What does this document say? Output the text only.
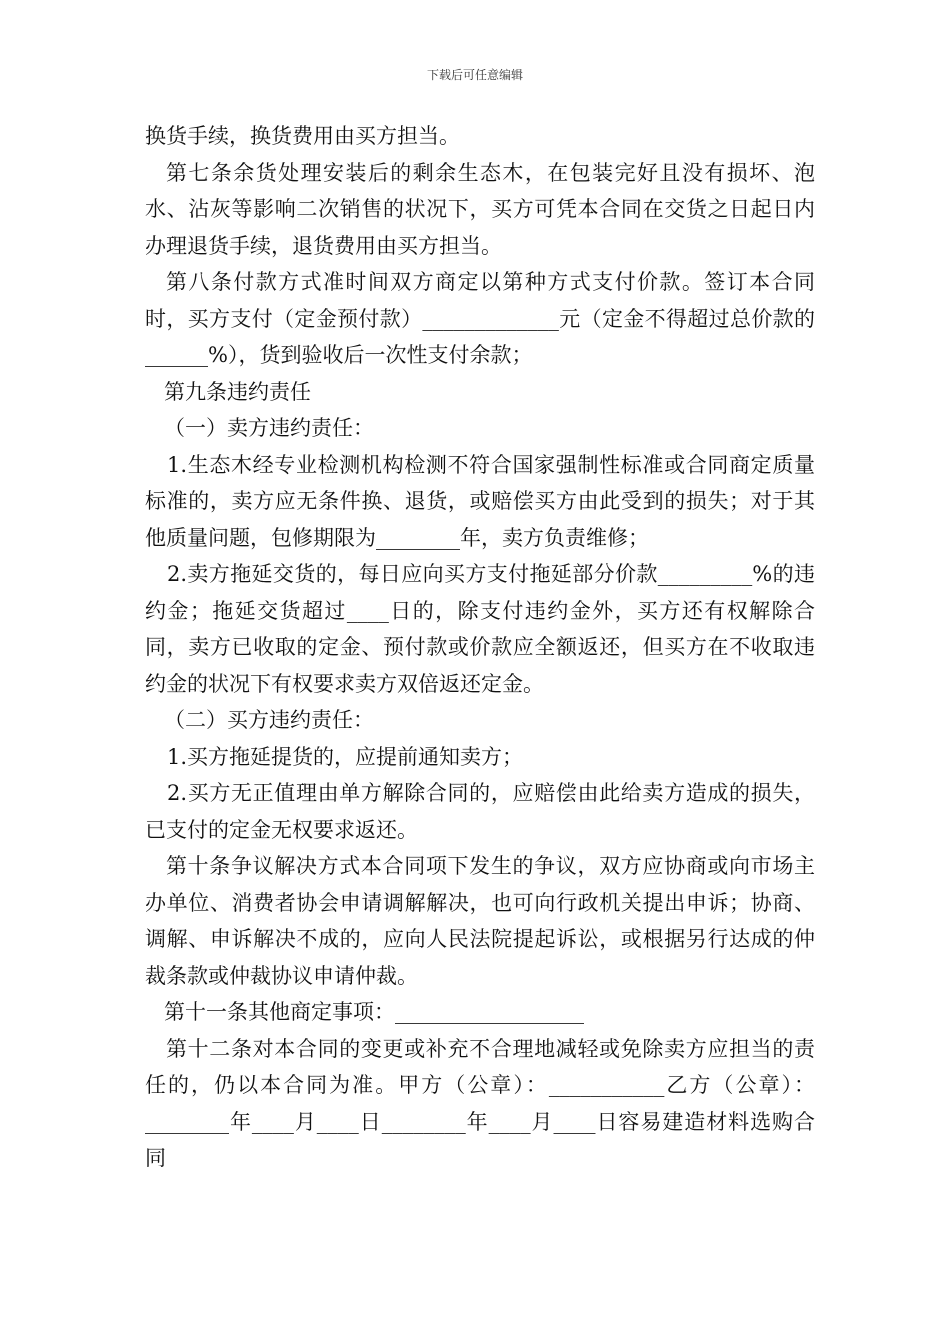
下载后可任意编辑

换货手续，换货费用由买方担当。

第七条余货处理安装后的剩余生态木，在包装完好且没有损坏、泡水、沾灰等影响二次销售的状况下，买方可凭本合同在交货之日起日内办理退货手续，退货费用由买方担当。

第八条付款方式准时间双方商定以第种方式支付价款。签订本合同时，买方支付（定金预付款）_____________元（定金不得超过总价款的______%），货到验收后一次性支付余款；

第九条违约责任

（一）卖方违约责任：

1.生态木经专业检测机构检测不符合国家强制性标准或合同商定质量标准的，卖方应无条件换、退货，或赔偿买方由此受到的损失；对于其他质量问题，包修期限为________年，卖方负责维修；

2.卖方拖延交货的，每日应向买方支付拖延部分价款_________%的违约金；拖延交货超过____日的，除支付违约金外，买方还有权解除合同，卖方已收取的定金、预付款或价款应全额返还，但买方在不收取违约金的状况下有权要求卖方双倍返还定金。

（二）买方违约责任：

1.买方拖延提货的，应提前通知卖方；

2.买方无正值理由单方解除合同的，应赔偿由此给卖方造成的损失，已支付的定金无权要求返还。

第十条争议解决方式本合同项下发生的争议，双方应协商或向市场主办单位、消费者协会申请调解解决，也可向行政机关提出申诉；协商、调解、申诉解决不成的，应向人民法院提起诉讼，或根据另行达成的仲裁条款或仲裁协议申请仲裁。

第十一条其他商定事项：__________________

第十二条对本合同的变更或补充不合理地减轻或免除卖方应担当的责任的，仍以本合同为准。甲方（公章）：___________乙方（公章）：________年____月____日________年____月____日容易建造材料选购合同
